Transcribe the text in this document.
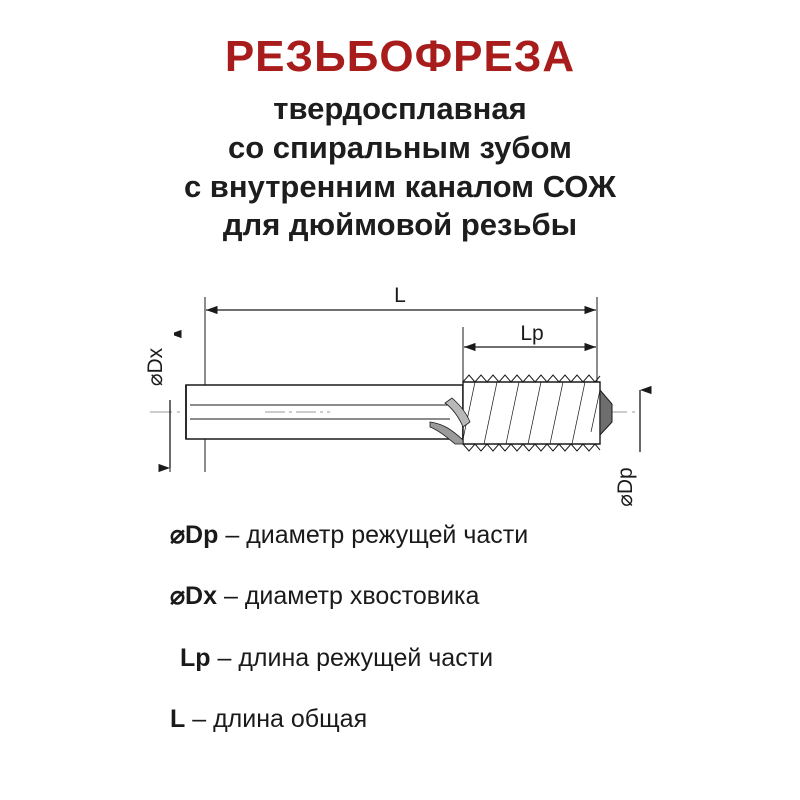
РЕЗЬБОФРЕЗА

твердосплавная

со спиральным зубом

с внутренним каналом СОЖ

для дюймовой резьбы

L
Lp
⌀Dx
⌀Dp

⌀Dp – диаметр режущей части

⌀Dx – диаметр хвостовика

Lp – длина режущей части

L – длина общая
